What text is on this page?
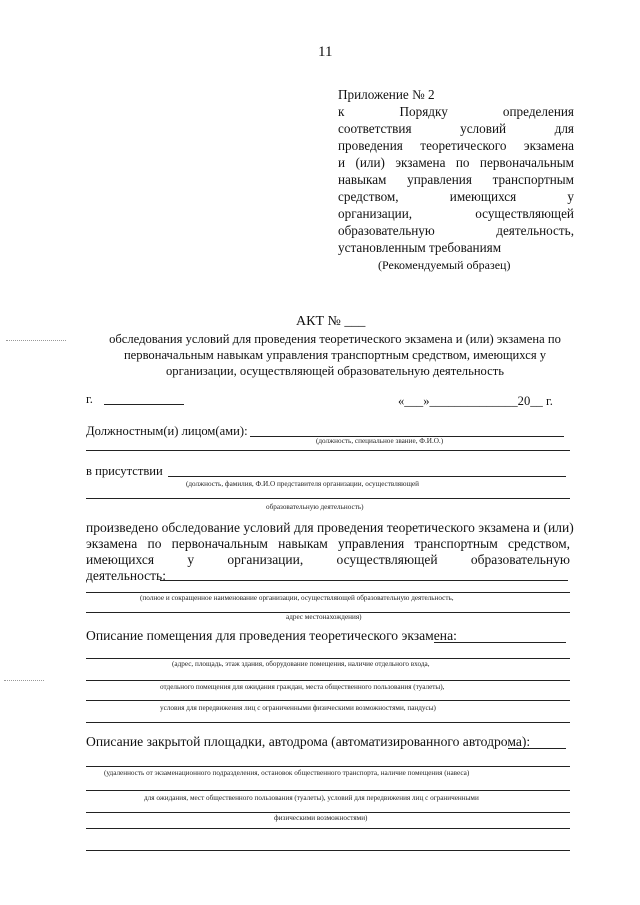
11
Приложение № 2
к Порядку определения
соответствия условий для
проведения теоретического экзамена
и (или) экзамена по первоначальным
навыкам управления транспортным
средством, имеющихся у
организации, осуществляющей
образовательную деятельность,
установленным требованиям
(Рекомендуемый образец)
АКТ № ___
обследования условий для проведения теоретического экзамена и (или) экзамена по первоначальным навыкам управления транспортным средством, имеющихся у организации, осуществляющей образовательную деятельность
г.	«___»______________20__ г.
Должностным(и) лицом(ами):
(должность, специальное звание, Ф.И.О.)
в присутствии
(должность, фамилия, Ф.И.О представителя организации, осуществляющей
образовательную деятельность)
произведено обследование условий для проведения теоретического экзамена и (или)
экзамена по первоначальным навыкам управления транспортным средством,
имеющихся у организации, осуществляющей образовательную
деятельность:
(полное и сокращенное наименование организации, осуществляющей образовательную деятельность,
адрес местонахождения)
Описание помещения для проведения теоретического экзамена:
(адрес, площадь, этаж здания, оборудование помещения, наличие отдельного входа,
отдельного помещения для ожидания граждан, места общественного пользования (туалеты),
условия для передвижения лиц с ограниченными физическими возможностями, пандусы)
Описание закрытой площадки, автодрома (автоматизированного автодрома):
(удаленность от экзаменационного подразделения, остановок общественного транспорта, наличие помещения (навеса)
для ожидания, мест общественного пользования (туалеты), условий для передвижения лиц с ограниченными
физическими возможностями)
